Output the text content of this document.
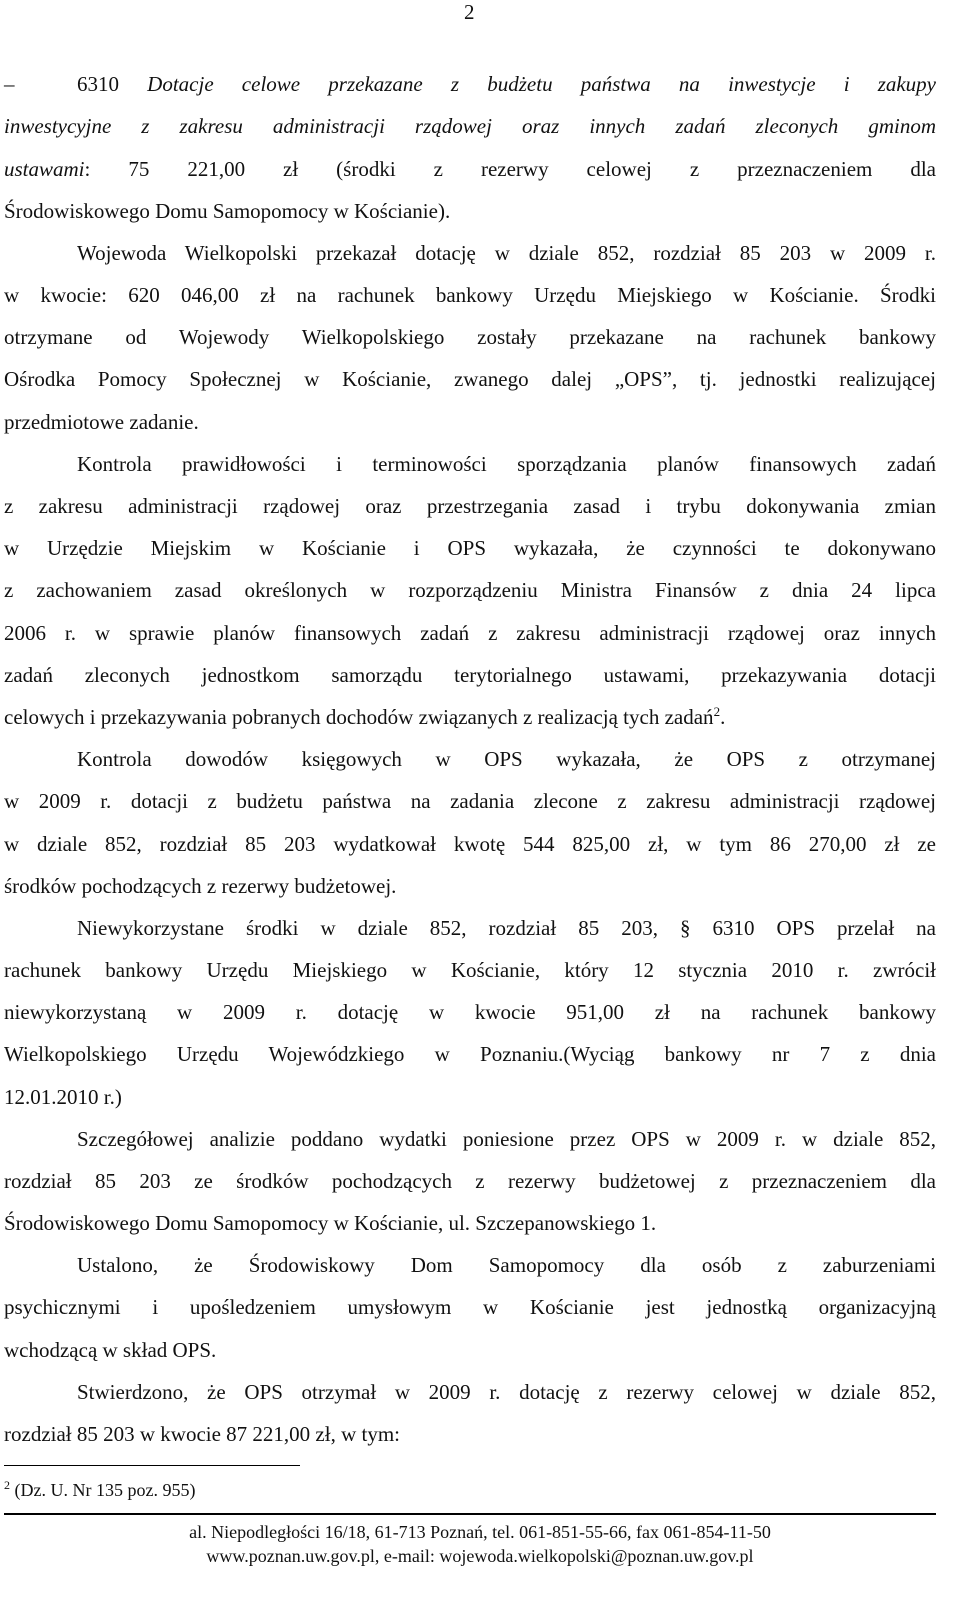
2
–	6310 Dotacje celowe przekazane z budżetu państwa na inwestycje i zakupy
inwestycyjne z zakresu administracji rządowej oraz innych zadań zleconych gminom
ustawami: 75 221,00 zł (środki z rezerwy celowej z przeznaczeniem dla
Środowiskowego Domu Samopomocy w Kościanie).
Wojewoda Wielkopolski przekazał dotację w dziale 852, rozdział 85 203 w 2009 r.
w kwocie: 620 046,00 zł na rachunek bankowy Urzędu Miejskiego w Kościanie. Środki
otrzymane od Wojewody Wielkopolskiego zostały przekazane na rachunek bankowy
Ośrodka Pomocy Społecznej w Kościanie, zwanego dalej „OPS”, tj. jednostki realizującej
przedmiotowe zadanie.
Kontrola prawidłowości i terminowości sporządzania planów finansowych zadań
z zakresu administracji rządowej oraz przestrzegania zasad i trybu dokonywania zmian
w Urzędzie Miejskim w Kościanie i OPS wykazała, że czynności te dokonywano
z zachowaniem zasad określonych w rozporządzeniu Ministra Finansów z dnia 24 lipca
2006 r. w sprawie planów finansowych zadań z zakresu administracji rządowej oraz innych
zadań zleconych jednostkom samorządu terytorialnego ustawami, przekazywania dotacji
celowych i przekazywania pobranych dochodów związanych z realizacją tych zadań$^2$.
Kontrola dowodów księgowych w OPS wykazała, że OPS z otrzymanej
w 2009 r. dotacji z budżetu państwa na zadania zlecone z zakresu administracji rządowej
w dziale 852, rozdział 85 203 wydatkował kwotę 544 825,00 zł, w tym 86 270,00 zł ze
środków pochodzących z rezerwy budżetowej.
Niewykorzystane środki w dziale 852, rozdział 85 203, § 6310 OPS przelał na
rachunek bankowy Urzędu Miejskiego w Kościanie, który 12 stycznia 2010 r. zwrócił
niewykorzystaną w 2009 r. dotację w kwocie 951,00 zł na rachunek bankowy
Wielkopolskiego Urzędu Wojewódzkiego w Poznaniu.(Wyciąg bankowy nr 7 z dnia
12.01.2010 r.)
Szczegółowej analizie poddano wydatki poniesione przez OPS w 2009 r. w dziale 852,
rozdział 85 203 ze środków pochodzących z rezerwy budżetowej z przeznaczeniem dla
Środowiskowego Domu Samopomocy w Kościanie, ul. Szczepanowskiego 1.
Ustalono, że Środowiskowy Dom Samopomocy dla osób z zaburzeniami
psychicznymi i upośledzeniem umysłowym w Kościanie jest jednostką organizacyjną
wchodzącą w skład OPS.
Stwierdzono, że OPS otrzymał w 2009 r. dotację z rezerwy celowej w dziale 852,
rozdział 85 203 w kwocie 87 221,00 zł, w tym:
$^2$ (Dz. U. Nr 135 poz. 955)
al. Niepodległości 16/18, 61-713 Poznań, tel. 061-851-55-66, fax 061-854-11-50
www.poznan.uw.gov.pl, e-mail: wojewoda.wielkopolski@poznan.uw.gov.pl
